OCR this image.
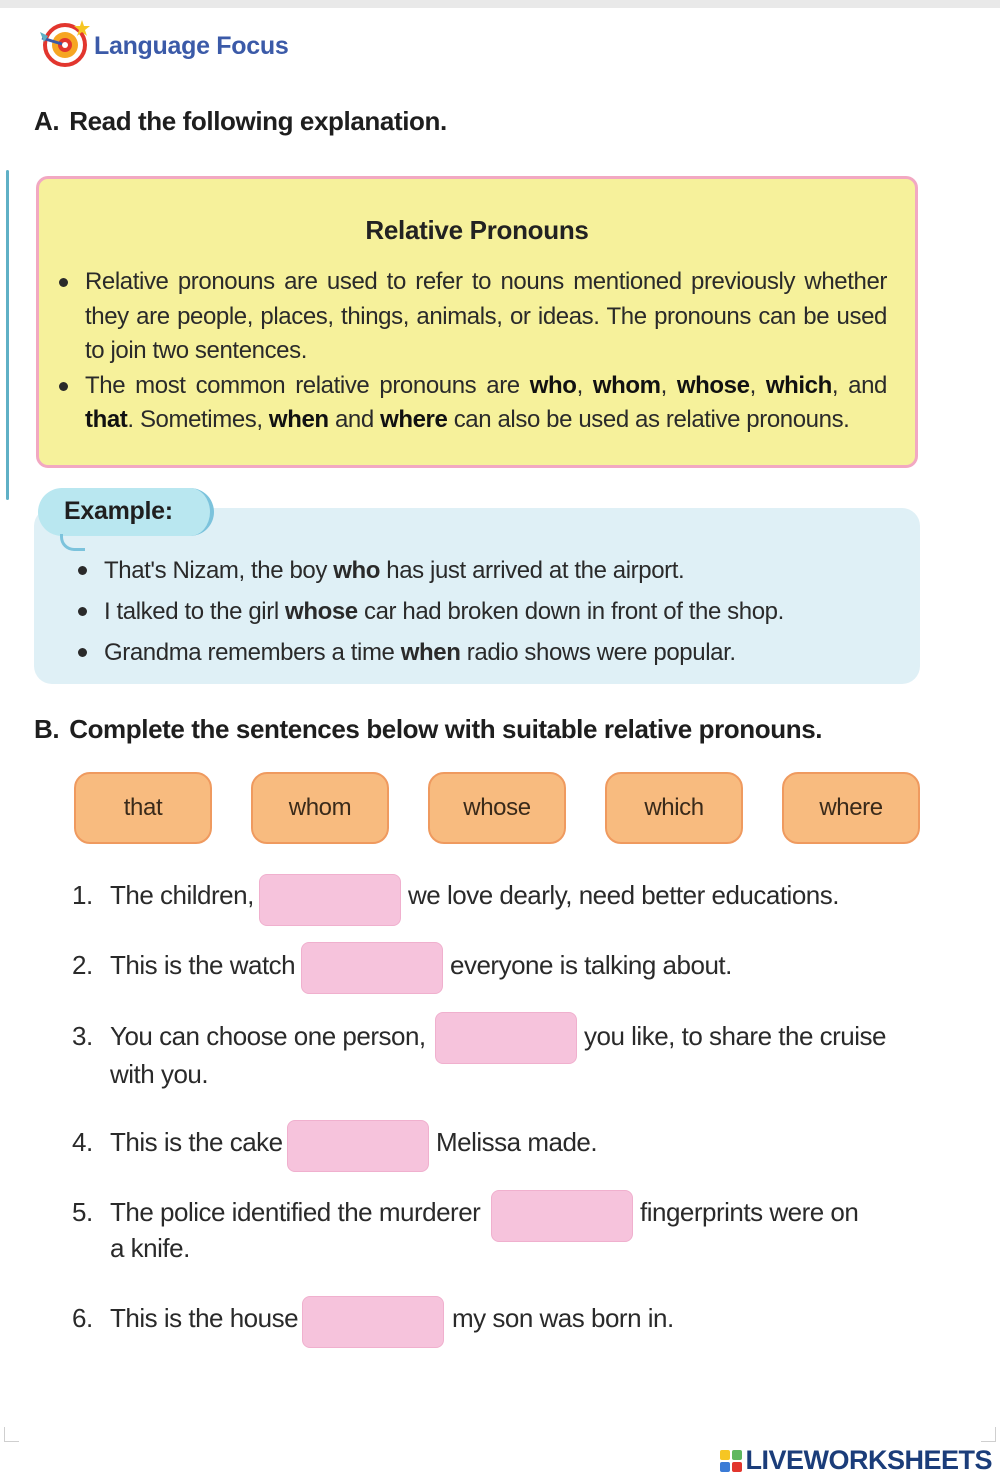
Language Focus
A. Read the following explanation.
Relative Pronouns
Relative pronouns are used to refer to nouns mentioned previously whether they are people, places, things, animals, or ideas. The pronouns can be used to join two sentences.
The most common relative pronouns are who, whom, whose, which, and that. Sometimes, when and where can also be used as relative pronouns.
Example:
That's Nizam, the boy who has just arrived at the airport.
I talked to the girl whose car had broken down in front of the shop.
Grandma remembers a time when radio shows were popular.
B. Complete the sentences below with suitable relative pronouns.
that	whom	whose	which	where
1. The children,	we love dearly, need better educations.
2. This is the watch	everyone is talking about.
3. You can choose one person,	you like, to share the cruise
with you.
4. This is the cake	Melissa made.
5. The police identified the murderer	fingerprints were on
a knife.
6. This is the house	my son was born in.
LIVEWORKSHEETS
